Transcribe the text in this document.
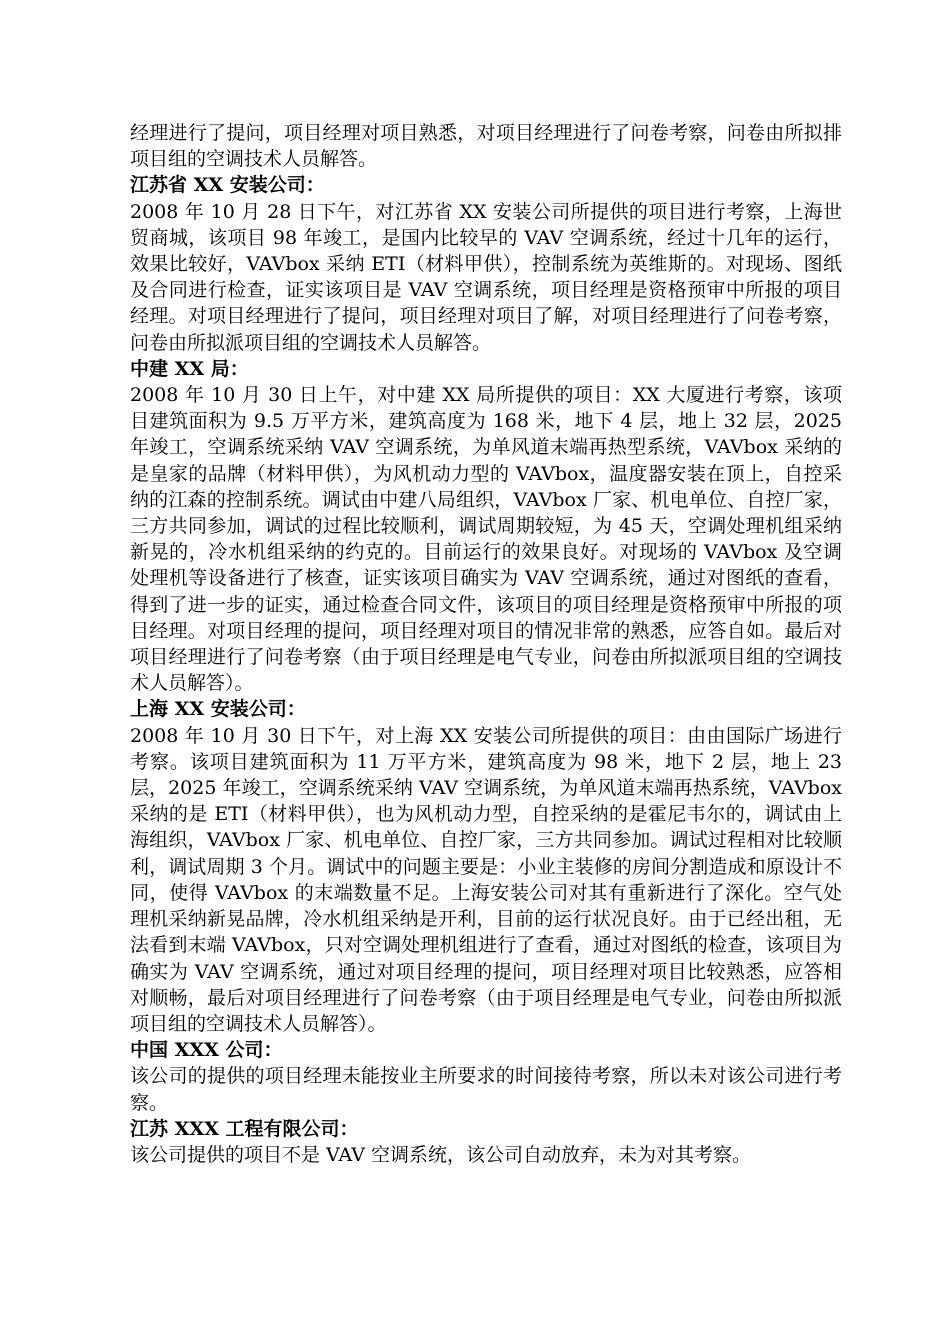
经理进行了提问，项目经理对项目熟悉，对项目经理进行了问卷考察，问卷由所拟排项目组的空调技术人员解答。

江苏省 XX 安装公司：

2008 年 10 月 28 日下午，对江苏省 XX 安装公司所提供的项目进行考察，上海世贸商城，该项目 98 年竣工，是国内比较早的 VAV 空调系统，经过十几年的运行，效果比较好，VAVbox 采纳 ETI（材料甲供），控制系统为英维斯的。对现场、图纸及合同进行检查，证实该项目是 VAV 空调系统，项目经理是资格预审中所报的项目经理。对项目经理进行了提问，项目经理对项目了解，对项目经理进行了问卷考察，问卷由所拟派项目组的空调技术人员解答。

中建 XX 局：

2008 年 10 月 30 日上午，对中建 XX 局所提供的项目：XX 大厦进行考察，该项目建筑面积为 9.5 万平方米，建筑高度为 168 米，地下 4 层，地上 32 层，2025 年竣工，空调系统采纳 VAV 空调系统，为单风道末端再热型系统，VAVbox 采纳的是皇家的品牌（材料甲供），为风机动力型的 VAVbox，温度器安装在顶上，自控采纳的江森的控制系统。调试由中建八局组织，VAVbox 厂家、机电单位、自控厂家，三方共同参加，调试的过程比较顺利，调试周期较短，为 45 天，空调处理机组采纳新晃的，冷水机组采纳的约克的。目前运行的效果良好。对现场的 VAVbox 及空调处理机等设备进行了核查，证实该项目确实为 VAV 空调系统，通过对图纸的查看，得到了进一步的证实，通过检查合同文件，该项目的项目经理是资格预审中所报的项目经理。对项目经理的提问，项目经理对项目的情况非常的熟悉，应答自如。最后对项目经理进行了问卷考察（由于项目经理是电气专业，问卷由所拟派项目组的空调技术人员解答）。

上海 XX 安装公司：

2008 年 10 月 30 日下午，对上海 XX 安装公司所提供的项目：由由国际广场进行考察。该项目建筑面积为 11 万平方米，建筑高度为 98 米，地下 2 层，地上 23 层，2025 年竣工，空调系统采纳 VAV 空调系统，为单风道末端再热系统，VAVbox 采纳的是 ETI（材料甲供），也为风机动力型，自控采纳的是霍尼韦尔的，调试由上海组织，VAVbox 厂家、机电单位、自控厂家，三方共同参加。调试过程相对比较顺利，调试周期 3 个月。调试中的问题主要是：小业主装修的房间分割造成和原设计不同，使得 VAVbox 的末端数量不足。上海安装公司对其有重新进行了深化。空气处理机采纳新晃品牌，冷水机组采纳是开利，目前的运行状况良好。由于已经出租，无法看到末端 VAVbox，只对空调处理机组进行了查看，通过对图纸的检查，该项目为确实为 VAV 空调系统，通过对项目经理的提问，项目经理对项目比较熟悉，应答相对顺畅，最后对项目经理进行了问卷考察（由于项目经理是电气专业，问卷由所拟派项目组的空调技术人员解答）。

中国 XXX 公司：

该公司的提供的项目经理未能按业主所要求的时间接待考察，所以未对该公司进行考察。

江苏 XXX 工程有限公司：

该公司提供的项目不是 VAV 空调系统，该公司自动放弃，未为对其考察。
